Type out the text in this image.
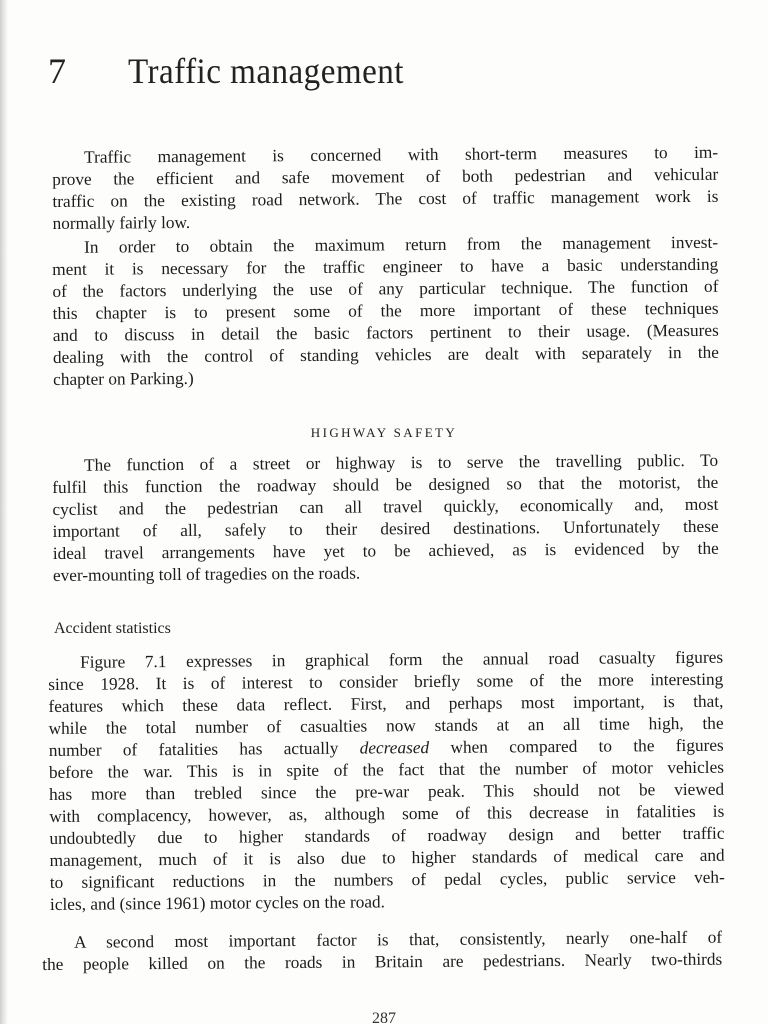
7 Traffic management
Traffic management is concerned with short-term measures to im-
prove the efficient and safe movement of both pedestrian and vehicular
traffic on the existing road network. The cost of traffic management work is
normally fairly low.
In order to obtain the maximum return from the management invest-
ment it is necessary for the traffic engineer to have a basic understanding
of the factors underlying the use of any particular technique. The function of
this chapter is to present some of the more important of these techniques
and to discuss in detail the basic factors pertinent to their usage. (Measures
dealing with the control of standing vehicles are dealt with separately in the
chapter on Parking.)
HIGHWAY SAFETY
The function of a street or highway is to serve the travelling public. To
fulfil this function the roadway should be designed so that the motorist, the
cyclist and the pedestrian can all travel quickly, economically and, most
important of all, safely to their desired destinations. Unfortunately these
ideal travel arrangements have yet to be achieved, as is evidenced by the
ever-mounting toll of tragedies on the roads.
Accident statistics
Figure 7.1 expresses in graphical form the annual road casualty figures
since 1928. It is of interest to consider briefly some of the more interesting
features which these data reflect. First, and perhaps most important, is that,
while the total number of casualties now stands at an all time high, the
number of fatalities has actually decreased when compared to the figures
before the war. This is in spite of the fact that the number of motor vehicles
has more than trebled since the pre-war peak. This should not be viewed
with complacency, however, as, although some of this decrease in fatalities is
undoubtedly due to higher standards of roadway design and better traffic
management, much of it is also due to higher standards of medical care and
to significant reductions in the numbers of pedal cycles, public service veh-
icles, and (since 1961) motor cycles on the road.
A second most important factor is that, consistently, nearly one-half of
the people killed on the roads in Britain are pedestrians. Nearly two-thirds
287
